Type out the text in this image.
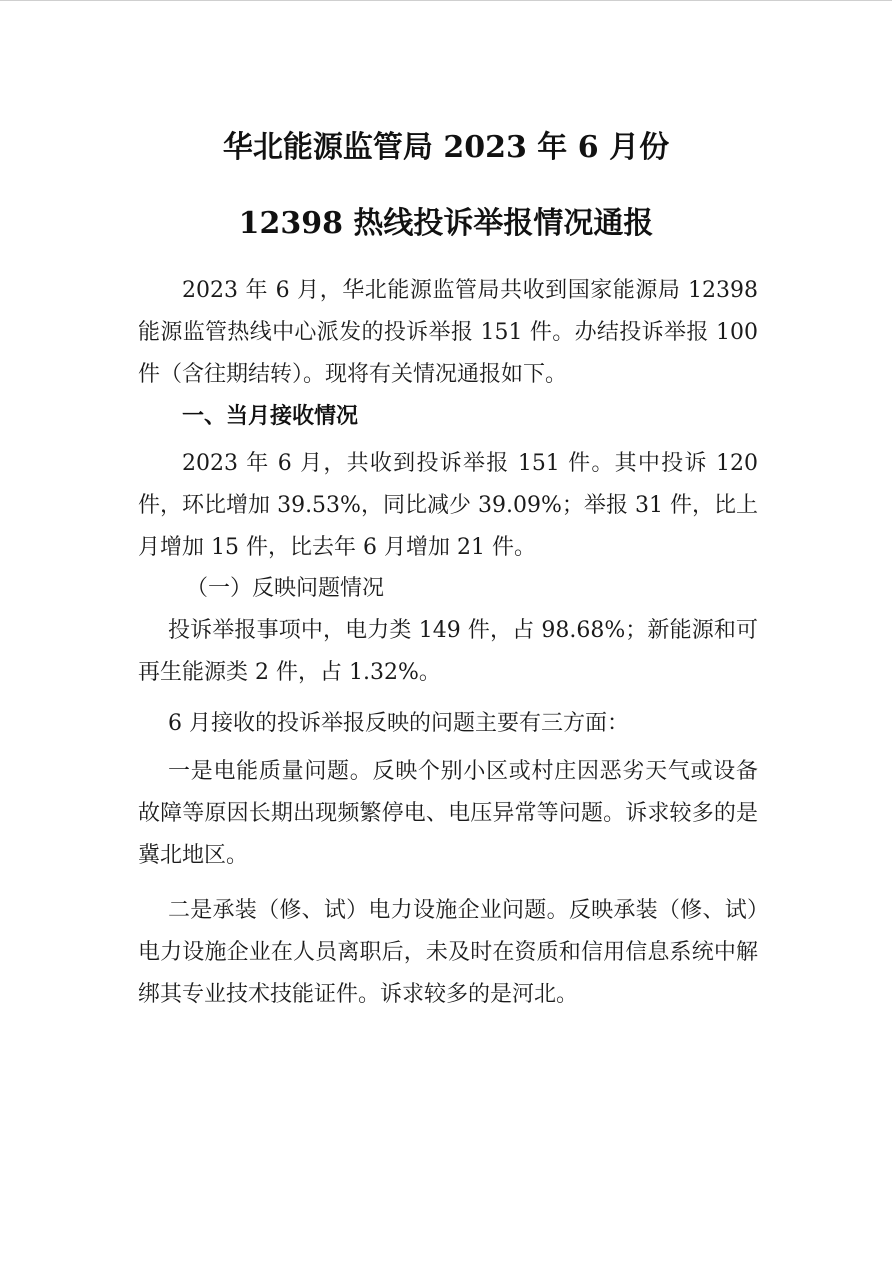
华北能源监管局 2023 年 6 月份
12398 热线投诉举报情况通报

2023 年 6 月，华北能源监管局共收到国家能源局 12398 能源监管热线中心派发的投诉举报 151 件。办结投诉举报 100 件（含往期结转）。现将有关情况通报如下。

一、当月接收情况

2023 年 6 月，共收到投诉举报 151 件。其中投诉 120 件，环比增加 39.53%，同比减少 39.09%；举报 31 件，比上月增加 15 件，比去年 6 月增加 21 件。

（一）反映问题情况

投诉举报事项中，电力类 149 件，占 98.68%；新能源和可再生能源类 2 件，占 1.32%。

6 月接收的投诉举报反映的问题主要有三方面：

一是电能质量问题。反映个别小区或村庄因恶劣天气或设备故障等原因长期出现频繁停电、电压异常等问题。诉求较多的是冀北地区。

二是承装（修、试）电力设施企业问题。反映承装（修、试）电力设施企业在人员离职后，未及时在资质和信用信息系统中解绑其专业技术技能证件。诉求较多的是河北。
